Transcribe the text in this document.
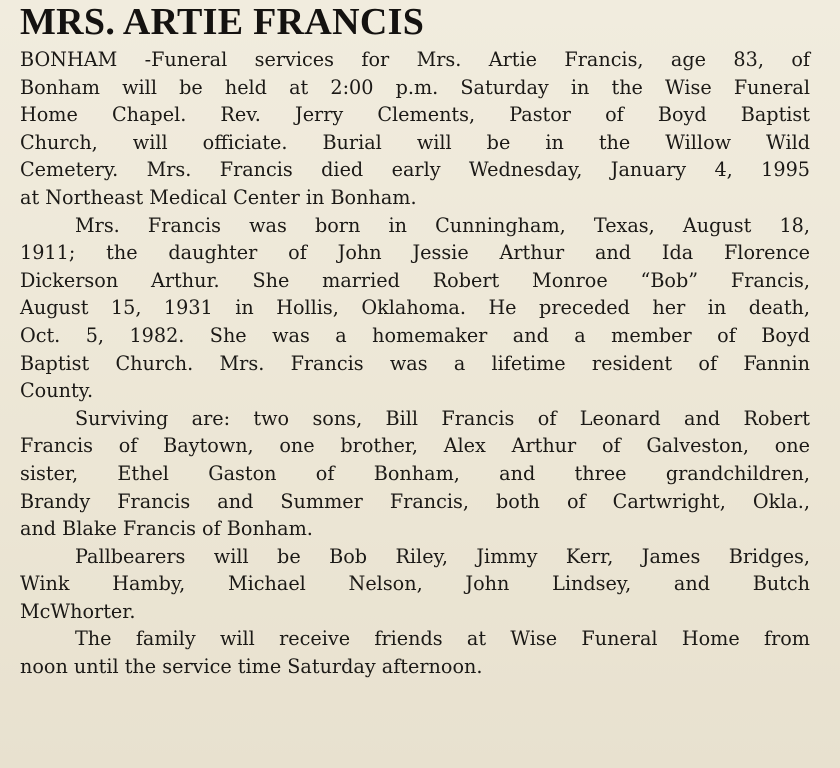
MRS. ARTIE FRANCIS
BONHAM -Funeral services for Mrs. Artie Francis, age 83, of
Bonham will be held at 2:00 p.m. Saturday in the Wise Funeral
Home Chapel. Rev. Jerry Clements, Pastor of Boyd Baptist
Church, will officiate. Burial will be in the Willow Wild
Cemetery. Mrs. Francis died early Wednesday, January 4, 1995
at Northeast Medical Center in Bonham.
Mrs. Francis was born in Cunningham, Texas, August 18,
1911; the daughter of John Jessie Arthur and Ida Florence
Dickerson Arthur. She married Robert Monroe “Bob” Francis,
August 15, 1931 in Hollis, Oklahoma. He preceded her in death,
Oct. 5, 1982. She was a homemaker and a member of Boyd
Baptist Church. Mrs. Francis was a lifetime resident of Fannin
County.
Surviving are: two sons, Bill Francis of Leonard and Robert
Francis of Baytown, one brother, Alex Arthur of Galveston, one
sister, Ethel Gaston of Bonham, and three grandchildren,
Brandy Francis and Summer Francis, both of Cartwright, Okla.,
and Blake Francis of Bonham.
Pallbearers will be Bob Riley, Jimmy Kerr, James Bridges,
Wink Hamby, Michael Nelson, John Lindsey, and Butch
McWhorter.
The family will receive friends at Wise Funeral Home from
noon until the service time Saturday afternoon.
